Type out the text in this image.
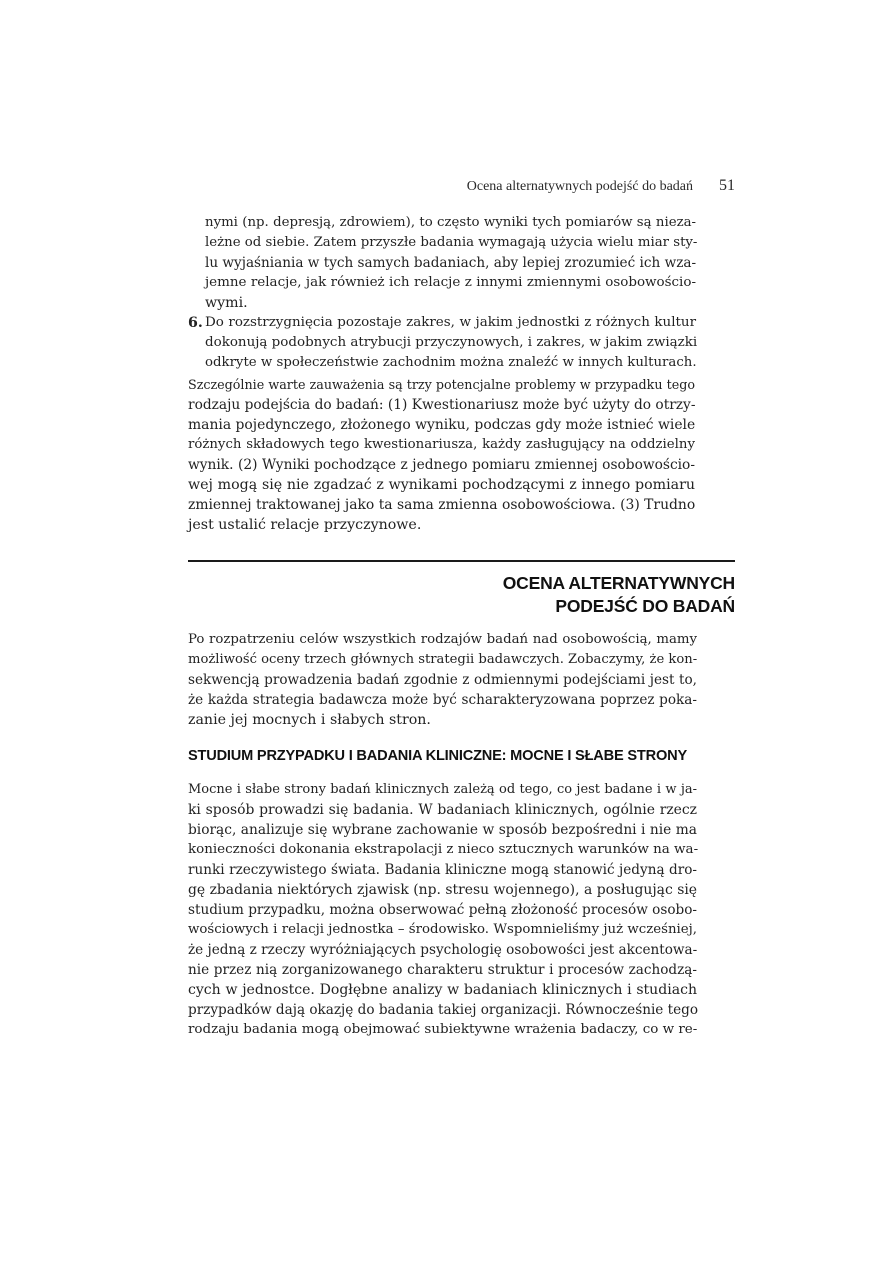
Ocena alternatywnych podejść do badań 51
nymi (np. depresją, zdrowiem), to często wyniki tych pomiarów są nieza-
leżne od siebie. Zatem przyszłe badania wymagają użycia wielu miar sty-
lu wyjaśniania w tych samych badaniach, aby lepiej zrozumieć ich wza-
jemne relacje, jak również ich relacje z innymi zmiennymi osobowościo-
wymi.
6. Do rozstrzygnięcia pozostaje zakres, w jakim jednostki z różnych kultur
dokonują podobnych atrybucji przyczynowych, i zakres, w jakim związki
odkryte w społeczeństwie zachodnim można znaleźć w innych kulturach.
Szczególnie warte zauważenia są trzy potencjalne problemy w przypadku tego
rodzaju podejścia do badań: (1) Kwestionariusz może być użyty do otrzy-
mania pojedynczego, złożonego wyniku, podczas gdy może istnieć wiele
różnych składowych tego kwestionariusza, każdy zasługujący na oddzielny
wynik. (2) Wyniki pochodzące z jednego pomiaru zmiennej osobowościo-
wej mogą się nie zgadzać z wynikami pochodzącymi z innego pomiaru
zmiennej traktowanej jako ta sama zmienna osobowościowa. (3) Trudno
jest ustalić relacje przyczynowe.
OCENA ALTERNATYWNYCH
PODEJŚĆ DO BADAŃ
Po rozpatrzeniu celów wszystkich rodzajów badań nad osobowością, mamy
możliwość oceny trzech głównych strategii badawczych. Zobaczymy, że kon-
sekwencją prowadzenia badań zgodnie z odmiennymi podejściami jest to,
że każda strategia badawcza może być scharakteryzowana poprzez poka-
zanie jej mocnych i słabych stron.
STUDIUM PRZYPADKU I BADANIA KLINICZNE: MOCNE I SŁABE STRONY
Mocne i słabe strony badań klinicznych zależą od tego, co jest badane i w ja-
ki sposób prowadzi się badania. W badaniach klinicznych, ogólnie rzecz
biorąc, analizuje się wybrane zachowanie w sposób bezpośredni i nie ma
konieczności dokonania ekstrapolacji z nieco sztucznych warunków na wa-
runki rzeczywistego świata. Badania kliniczne mogą stanowić jedyną dro-
gę zbadania niektórych zjawisk (np. stresu wojennego), a posługując się
studium przypadku, można obserwować pełną złożoność procesów osobo-
wościowych i relacji jednostka – środowisko. Wspomnieliśmy już wcześniej,
że jedną z rzeczy wyróżniających psychologię osobowości jest akcentowa-
nie przez nią zorganizowanego charakteru struktur i procesów zachodzą-
cych w jednostce. Dogłębne analizy w badaniach klinicznych i studiach
przypadków dają okazję do badania takiej organizacji. Równocześnie tego
rodzaju badania mogą obejmować subiektywne wrażenia badaczy, co w re-
